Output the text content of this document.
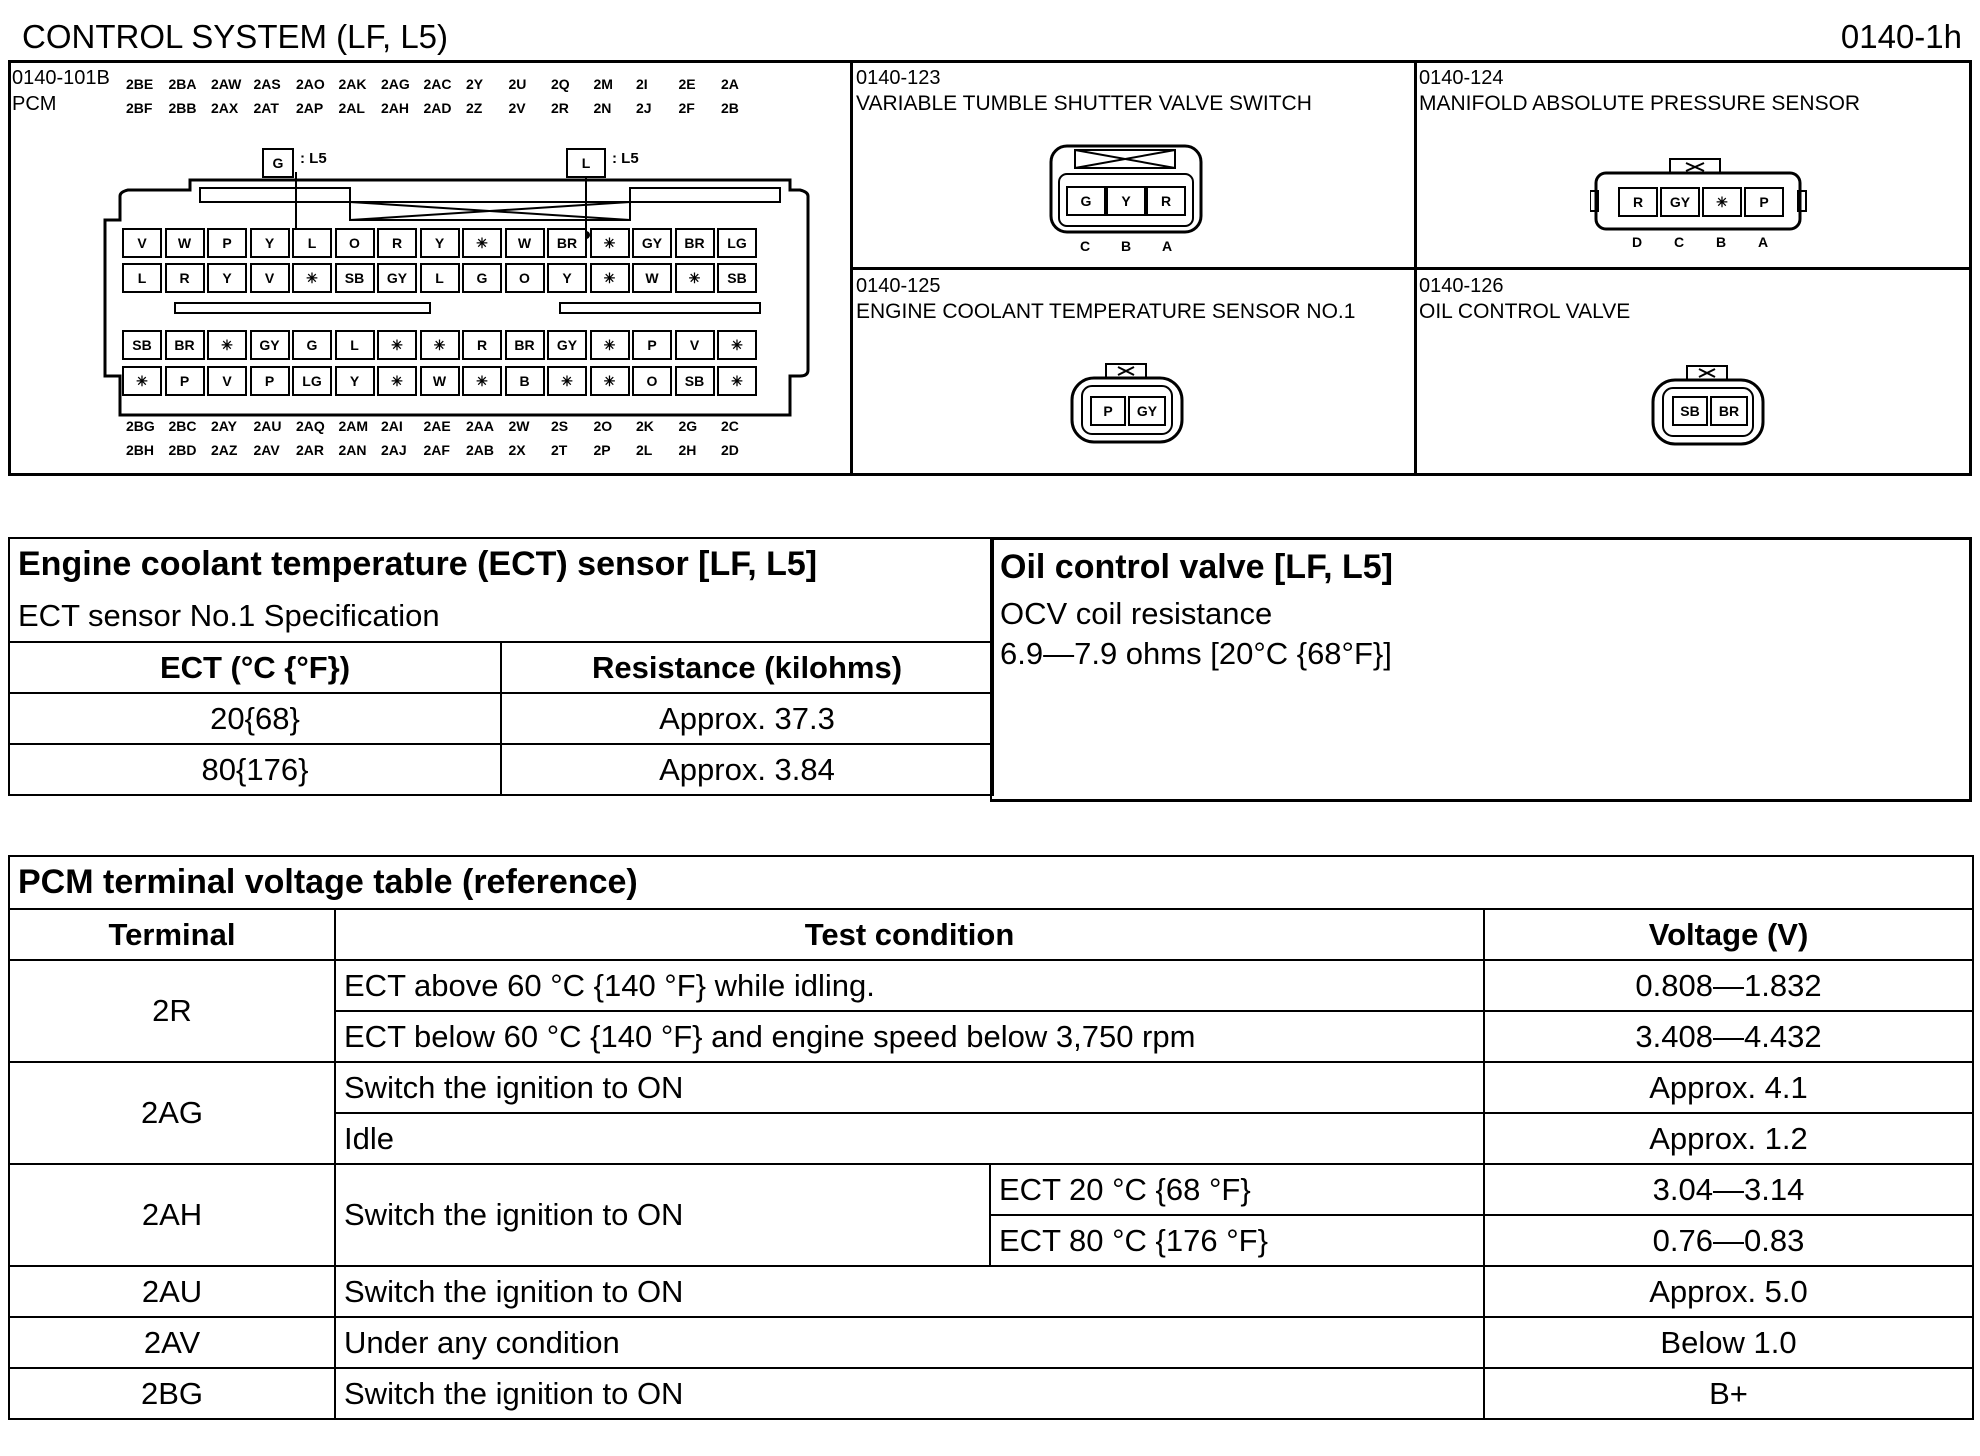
CONTROL SYSTEM (LF, L5)	0140-1h
0140-101B
PCM
2BE 2BA 2AW 2AS 2AO 2AK 2AG 2AC 2Y 2U 2Q 2M 2I 2E 2A
2BF 2BB 2AX 2AT 2AP 2AL 2AH 2AD 2Z 2V 2R 2N 2J 2F 2B
2BG 2BC 2AY 2AU 2AQ 2AM 2AI 2AE 2AA 2W 2S 2O 2K 2G 2C
2BH 2BD 2AZ 2AV 2AR 2AN 2AJ 2AF 2AB 2X 2T 2P 2L 2H 2D
G	: L5	L	: L5
V	W	P	Y	L	O	R	Y	✳	W	BR	✳	GY	BR	LG
L	R	Y	V	✳	SB	GY	L	G	O	Y	✳	W	✳	SB
SB	BR	✳	GY	G	L	✳	✳	R	BR	GY	✳	P	V	✳
✳	P	V	P	LG	Y	✳	W	✳	B	✳	✳	O	SB	✳
0140-123
VARIABLE TUMBLE SHUTTER VALVE SWITCH
G	Y	R
C B A
0140-124
MANIFOLD ABSOLUTE PRESSURE SENSOR
R	GY	✳	P
D C B A
0140-125
ENGINE COOLANT TEMPERATURE SENSOR NO.1
P	GY
0140-126
OIL CONTROL VALVE
SB	BR
Engine coolant temperature (ECT) sensor [LF, L5]	
ECT sensor No.1 Specification	
ECT (°C {°F})	Resistance (kilohms)
20{68}	Approx. 37.3
80{176}	Approx. 3.84
Oil control valve [LF, L5]
OCV coil resistance
6.9—7.9 ohms [20°C {68°F}]
PCM terminal voltage table (reference)			
Terminal	Test condition		Voltage (V)
2R	ECT above 60 °C {140 °F} while idling.		0.808—1.832
	ECT below 60 °C {140 °F} and engine speed below 3,750 rpm		3.408—4.432
2AG	Switch the ignition to ON		Approx. 4.1
	Idle		Approx. 1.2
2AH	Switch the ignition to ON	ECT 20 °C {68 °F}	3.04—3.14
		ECT 80 °C {176 °F}	0.76—0.83
2AU	Switch the ignition to ON		Approx. 5.0
2AV	Under any condition		Below 1.0
2BG	Switch the ignition to ON		B+
